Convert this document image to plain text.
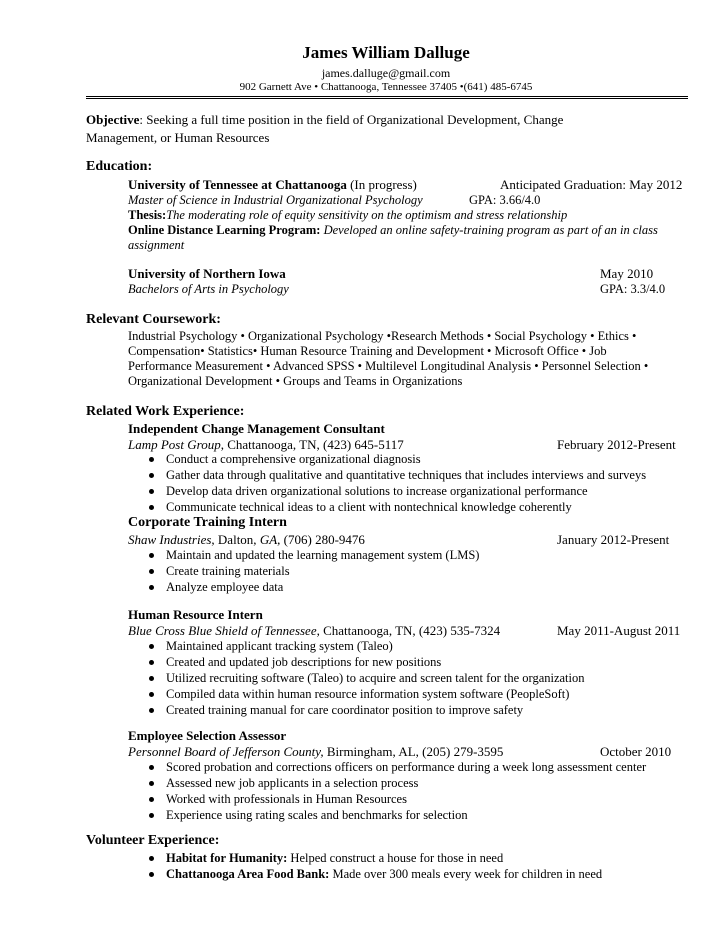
James William Dalluge
james.dalluge@gmail.com
902 Garnett Ave • Chattanooga, Tennessee 37405 •(641) 485-6745
Objective: Seeking a full time position in the field of Organizational Development, Change
Management, or Human Resources
Education:
University of Tennessee at Chattanooga (In progress)	Anticipated Graduation: May 2012
Master of Science in Industrial Organizational Psychology	GPA: 3.66/4.0
Thesis:The moderating role of equity sensitivity on the optimism and stress relationship
Online Distance Learning Program: Developed an online safety-training program as part of an in class
assignment
University of Northern Iowa	May 2010
Bachelors of Arts in Psychology	GPA: 3.3/4.0
Relevant Coursework:
Industrial Psychology • Organizational Psychology •Research Methods • Social Psychology • Ethics •
Compensation• Statistics• Human Resource Training and Development • Microsoft Office • Job
Performance Measurement • Advanced SPSS • Multilevel Longitudinal Analysis • Personnel Selection •
Organizational Development • Groups and Teams in Organizations
Related Work Experience:
Independent Change Management Consultant
Lamp Post Group, Chattanooga, TN, (423) 645-5117	February 2012-Present
Conduct a comprehensive organizational diagnosis
Gather data through qualitative and quantitative techniques that includes interviews and surveys
Develop data driven organizational solutions to increase organizational performance
Communicate technical ideas to a client with nontechnical knowledge coherently
Corporate Training Intern
Shaw Industries, Dalton, GA, (706) 280-9476	January 2012-Present
Maintain and updated the learning management system (LMS)
Create training materials
Analyze employee data
Human Resource Intern
Blue Cross Blue Shield of Tennessee, Chattanooga, TN, (423) 535-7324	May 2011-August 2011
Maintained applicant tracking system (Taleo)
Created and updated job descriptions for new positions
Utilized recruiting software (Taleo) to acquire and screen talent for the organization
Compiled data within human resource information system software (PeopleSoft)
Created training manual for care coordinator position to improve safety
Employee Selection Assessor
Personnel Board of Jefferson County, Birmingham, AL, (205) 279-3595	October 2010
Scored probation and corrections officers on performance during a week long assessment center
Assessed new job applicants in a selection process
Worked with professionals in Human Resources
Experience using rating scales and benchmarks for selection
Volunteer Experience:
Habitat for Humanity: Helped construct a house for those in need
Chattanooga Area Food Bank: Made over 300 meals every week for children in need
